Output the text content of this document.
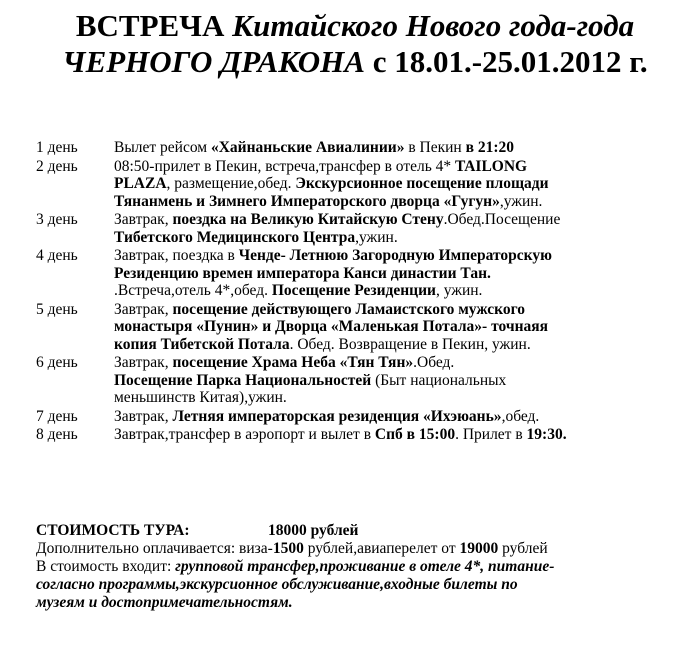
ВСТРЕЧА Китайского Нового года-года
ЧЕРНОГО ДРАКОНА с 18.01.-25.01.2012 г.
1 день	Вылет рейсом «Хайнаньские Авиалинии» в Пекин в 21:20
2 день	08:50-прилет в Пекин, встреча,трансфер в отель 4* TAILONG
PLAZA, размещение,обед. Экскурсионное посещение площади
Тянанмень и Зимнего Императорского дворца «Гугун»,ужин.
3 день	Завтрак, поездка на Великую Китайскую Стену.Обед.Посещение
Тибетского Медицинского Центра,ужин.
4 день	Завтрак, поездка в Ченде- Летнюю Загородную Императорскую
Резиденцию времен императора Канси династии Тан.
.Встреча,отель 4*,обед. Посещение Резиденции, ужин.
5 день	Завтрак, посещение действующего Ламаистского мужского
монастыря «Пунин» и Дворца «Маленькая Потала»- точнаяя
копия Тибетской Потала. Обед. Возвращение в Пекин, ужин.
6 день	Завтрак, посещение Храма Неба «Тян Тян».Обед.
Посещение Парка Национальностей (Быт национальных
меньшинств Китая),ужин.
7 день	Завтрак, Летняя императорская резиденция «Ихэюань»,обед.
8 день	Завтрак,трансфер в аэропорт и вылет в Спб в 15:00. Прилет в 19:30.
СТОИМОСТЬ ТУРА:	18000 рублей
Дополнительно оплачивается: виза-1500 рублей,авиаперелет от 19000 рублей
В стоимость входит: групповой трансфер,проживание в отеле 4*, питание-
согласно программы,экскурсионное обслуживание,входные билеты по
музеям и достопримечательностям.
